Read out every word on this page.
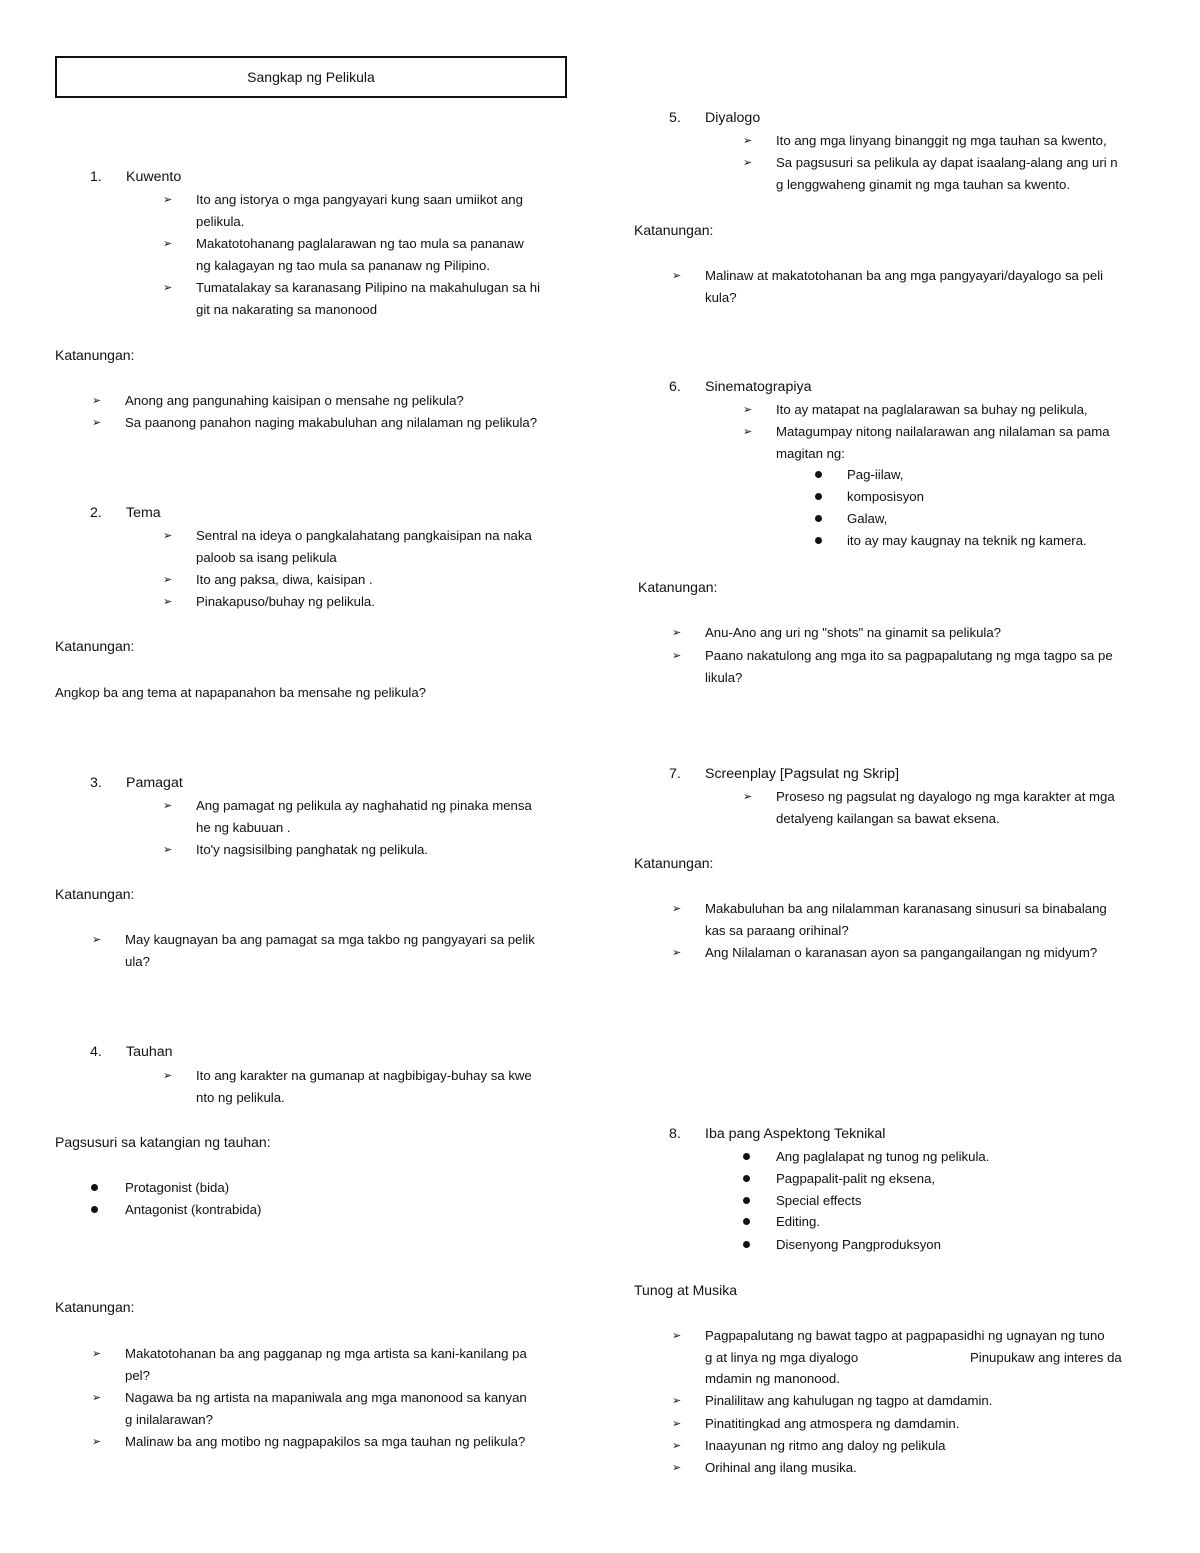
Sangkap ng Pelikula
1. Kuwento
➢ Ito ang istorya o mga pangyayari kung saan umiikot ang
pelikula.
➢ Makatotohanang paglalarawan ng tao mula sa pananaw
ng kalagayan ng tao mula sa pananaw ng Pilipino.
➢ Tumatalakay sa karanasang Pilipino na makahulugan sa hi
git na nakarating sa manonood
Katanungan:
➢ Anong ang pangunahing kaisipan o mensahe ng pelikula?
➢ Sa paanong panahon naging makabuluhan ang nilalaman ng pelikula?
2. Tema
➢ Sentral na ideya o pangkalahatang pangkaisipan na naka
paloob sa isang pelikula
➢ Ito ang paksa, diwa, kaisipan .
➢ Pinakapuso/buhay ng pelikula.
Katanungan:
Angkop ba ang tema at napapanahon ba mensahe ng pelikula?
3. Pamagat
➢ Ang pamagat ng pelikula ay naghahatid ng pinaka mensa
he ng kabuuan .
➢ Ito'y nagsisilbing panghatak ng pelikula.
Katanungan:
➢ May kaugnayan ba ang pamagat sa mga takbo ng pangyayari sa pelik
ula?
4. Tauhan
➢ Ito ang karakter na gumanap at nagbibigay-buhay sa kwe
nto ng pelikula.
Pagsusuri sa katangian ng tauhan:
Protagonist (bida)
Antagonist (kontrabida)
Katanungan:
➢ Makatotohanan ba ang pagganap ng mga artista sa kani-kanilang pa
pel?
➢ Nagawa ba ng artista na mapaniwala ang mga manonood sa kanyan
g inilalarawan?
➢ Malinaw ba ang motibo ng nagpapakilos sa mga tauhan ng pelikula?
5. Diyalogo
➢ Ito ang mga linyang binanggit ng mga tauhan sa kwento,
➢ Sa pagsusuri sa pelikula ay dapat isaalang-alang ang uri n
g lenggwaheng ginamit ng mga tauhan sa kwento.
Katanungan:
➢ Malinaw at makatotohanan ba ang mga pangyayari/dayalogo sa peli
kula?
6. Sinematograpiya
➢ Ito ay matapat na paglalarawan sa buhay ng pelikula,
➢ Matagumpay nitong nailalarawan ang nilalaman sa pama
magitan ng:
Pag-iilaw,
komposisyon
Galaw,
ito ay may kaugnay na teknik ng kamera.
Katanungan:
➢ Anu-Ano ang uri ng "shots" na ginamit sa pelikula?
➢ Paano nakatulong ang mga ito sa pagpapalutang ng mga tagpo sa pe
likula?
7. Screenplay [Pagsulat ng Skrip]
➢ Proseso ng pagsulat ng dayalogo ng mga karakter at mga
detalyeng kailangan sa bawat eksena.
Katanungan:
➢ Makabuluhan ba ang nilalamman karanasang sinusuri sa binabalang
kas sa paraang orihinal?
➢ Ang Nilalaman o karanasan ayon sa pangangailangan ng midyum?
8. Iba pang Aspektong Teknikal
Ang paglalapat ng tunog ng pelikula.
Pagpapalit-palit ng eksena,
Special effects
Editing.
Disenyong Pangproduksyon
Tunog at Musika
➢ Pagpapalutang ng bawat tagpo at pagpapasidhi ng ugnayan ng tuno
g at linya ng mga diyalogo	Pinupukaw ang interes da
mdamin ng manonood.
➢ Pinalilitaw ang kahulugan ng tagpo at damdamin.
➢ Pinatitingkad ang atmospera ng damdamin.
➢ Inaayunan ng ritmo ang daloy ng pelikula
➢ Orihinal ang ilang musika.
